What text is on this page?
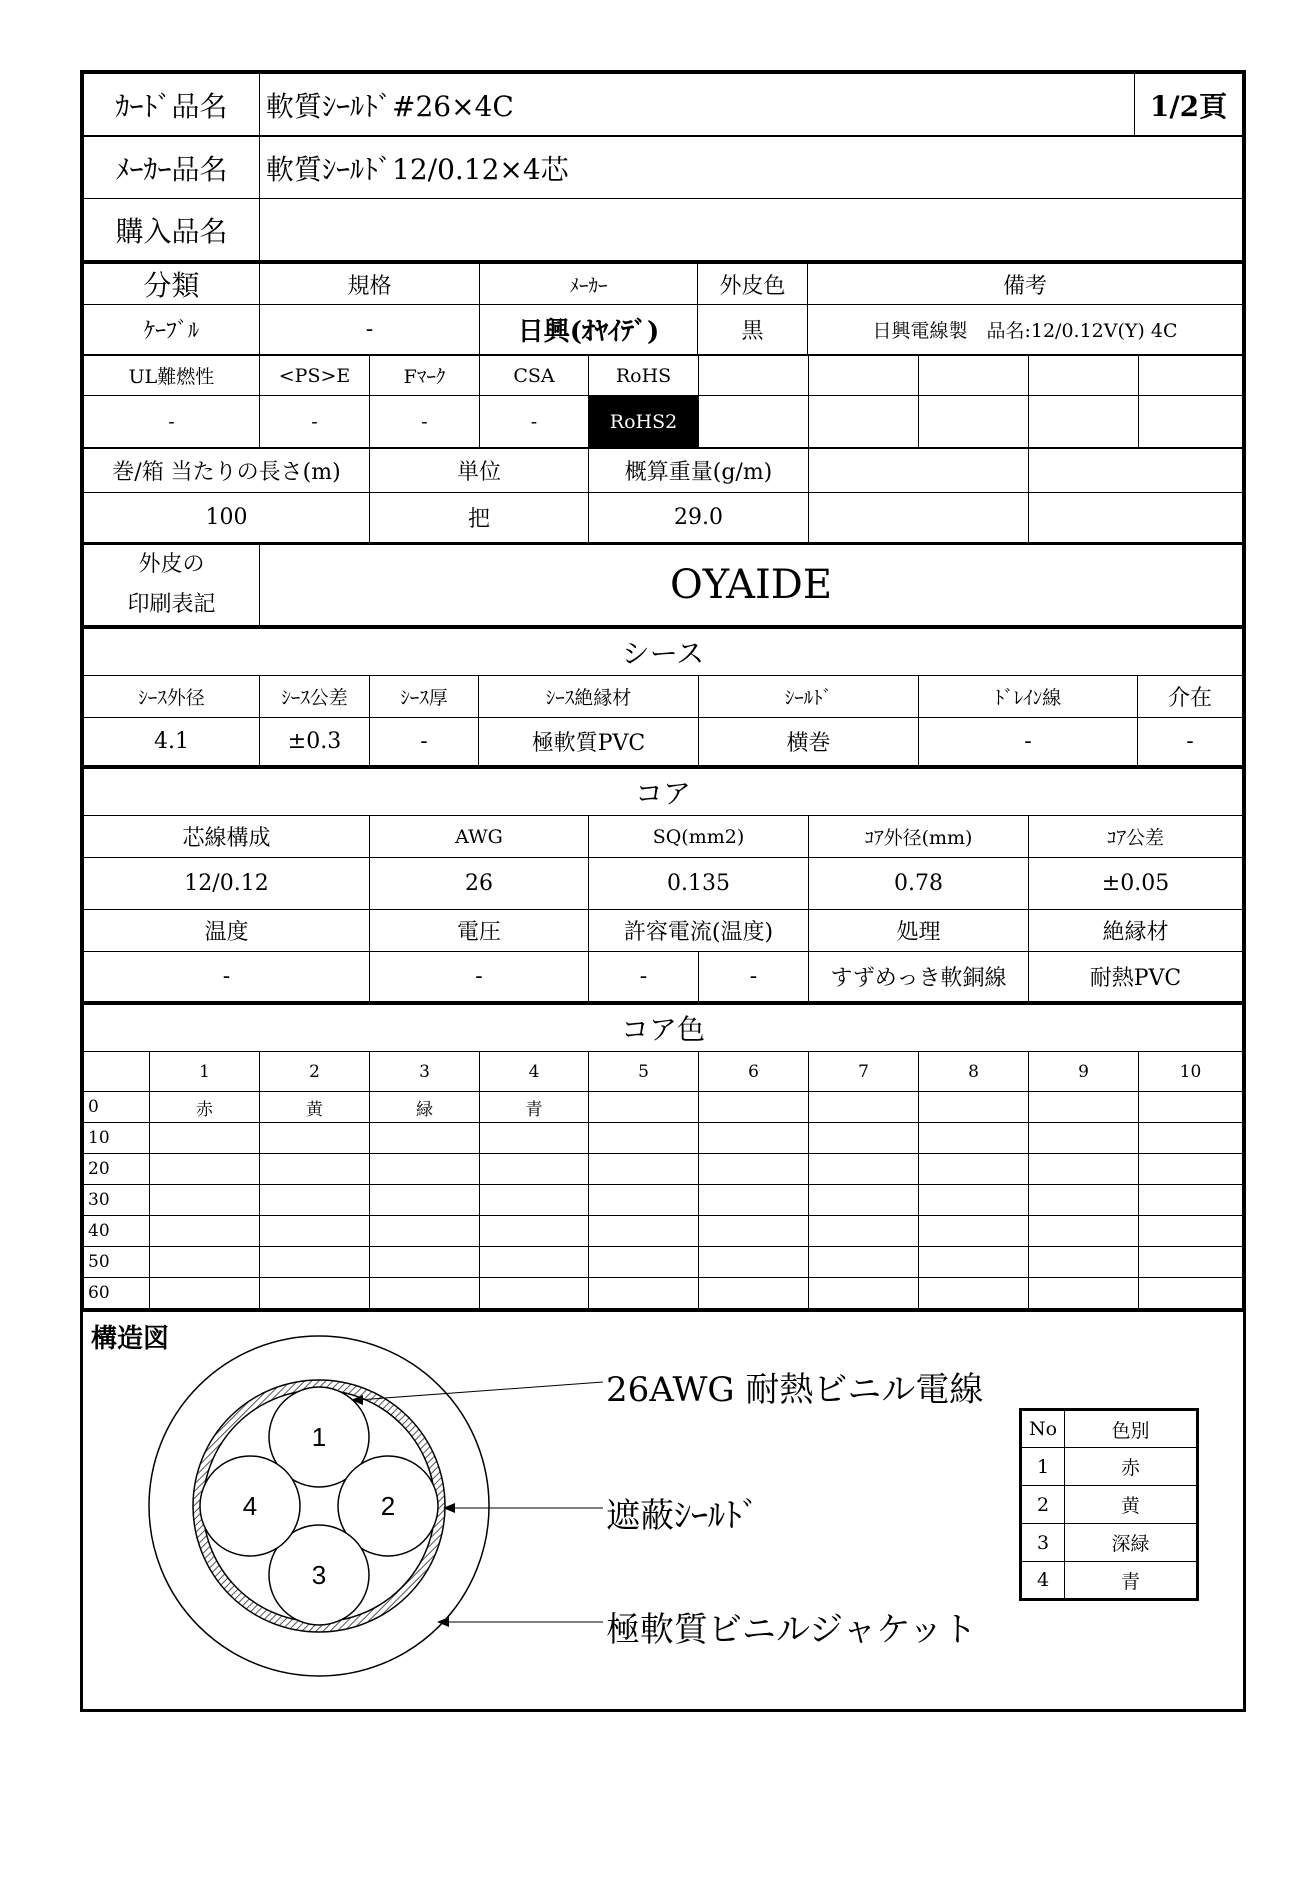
ｶｰﾄﾞ品名	軟質ｼｰﾙﾄﾞ#26×4C	1/2頁
ﾒｰｶｰ品名	軟質ｼｰﾙﾄﾞ12/0.12×4芯
購入品名	
分類	規格	ﾒｰｶｰ	外皮色	備考
ｹｰﾌﾞﾙ	-	日興(ｵﾔｲﾃﾞ)	黒	日興電線製　品名:12/0.12V(Y) 4C
UL難燃性	<PS>E	Fﾏｰｸ	CSA	RoHS					
-	-	-	-	RoHS2					
巻/箱 当たりの長さ(m)	単位	概算重量(g/m)		
100	把	29.0		
外皮の
印刷表記	OYAIDE
シース						
ｼｰｽ外径	ｼｰｽ公差	ｼｰｽ厚	ｼｰｽ絶縁材	ｼｰﾙﾄﾞ	ﾄﾞﾚｲﾝ線	介在
4.1	±0.3	-	極軟質PVC	横巻	-	-
コア					
芯線構成	AWG	SQ(mm2)		ｺｱ外径(mm)	ｺｱ公差
12/0.12	26	0.135		0.78	±0.05
温度	電圧	許容電流(温度)		処理	絶縁材
-	-	-	-	すずめっき軟銅線	耐熱PVC
コア色										
	1	2	3	4	5	6	7	8	9	10
0	赤	黄	緑	青						
10										
20										
30										
40										
50										
60										
構造図
1
2
3
4
26AWG 耐熱ビニル電線
遮蔽ｼｰﾙﾄﾞ
極軟質ビニルジャケット
No	色別
1	赤
2	黄
3	深緑
4	青
